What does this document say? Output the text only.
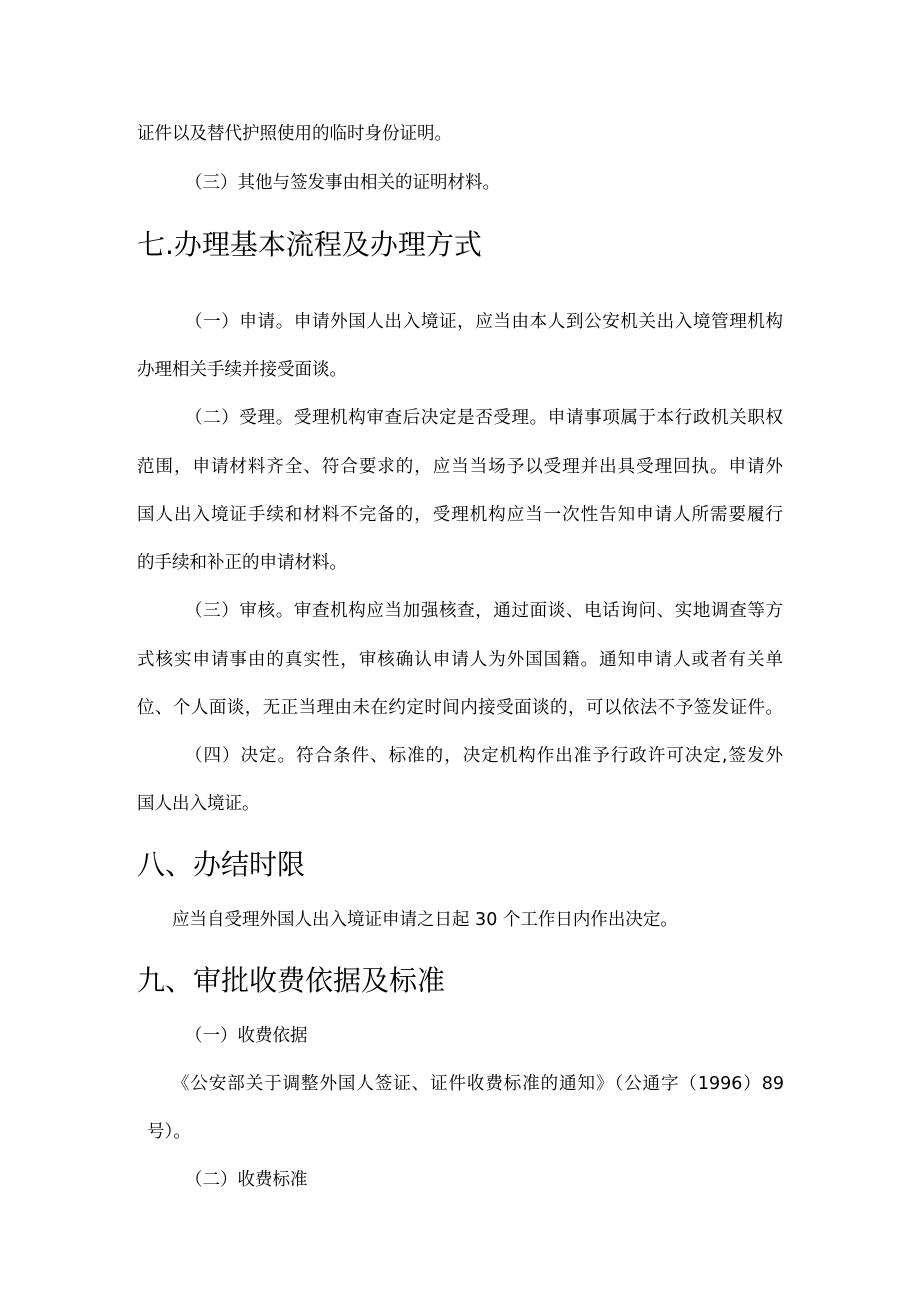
证件以及替代护照使用的临时身份证明。
（三）其他与签发事由相关的证明材料。
七.办理基本流程及办理方式
（一）申请。申请外国人出入境证，应当由本人到公安机关出入境管理机构
办理相关手续并接受面谈。
（二）受理。受理机构审查后决定是否受理。申请事项属于本行政机关职权
范围，申请材料齐全、符合要求的，应当当场予以受理并出具受理回执。申请外
国人出入境证手续和材料不完备的，受理机构应当一次性告知申请人所需要履行
的手续和补正的申请材料。
（三）审核。审查机构应当加强核查，通过面谈、电话询问、实地调查等方
式核实申请事由的真实性，审核确认申请人为外国国籍。通知申请人或者有关单
位、个人面谈，无正当理由未在约定时间内接受面谈的，可以依法不予签发证件。
（四）决定。符合条件、标准的，决定机构作出准予行政许可决定,签发外
国人出入境证。
八、办结时限
应当自受理外国人出入境证申请之日起 30 个工作日内作出决定。
九、审批收费依据及标准
（一）收费依据
《公安部关于调整外国人签证、证件收费标准的通知》（公通字（1996）89
号）。
（二）收费标准
